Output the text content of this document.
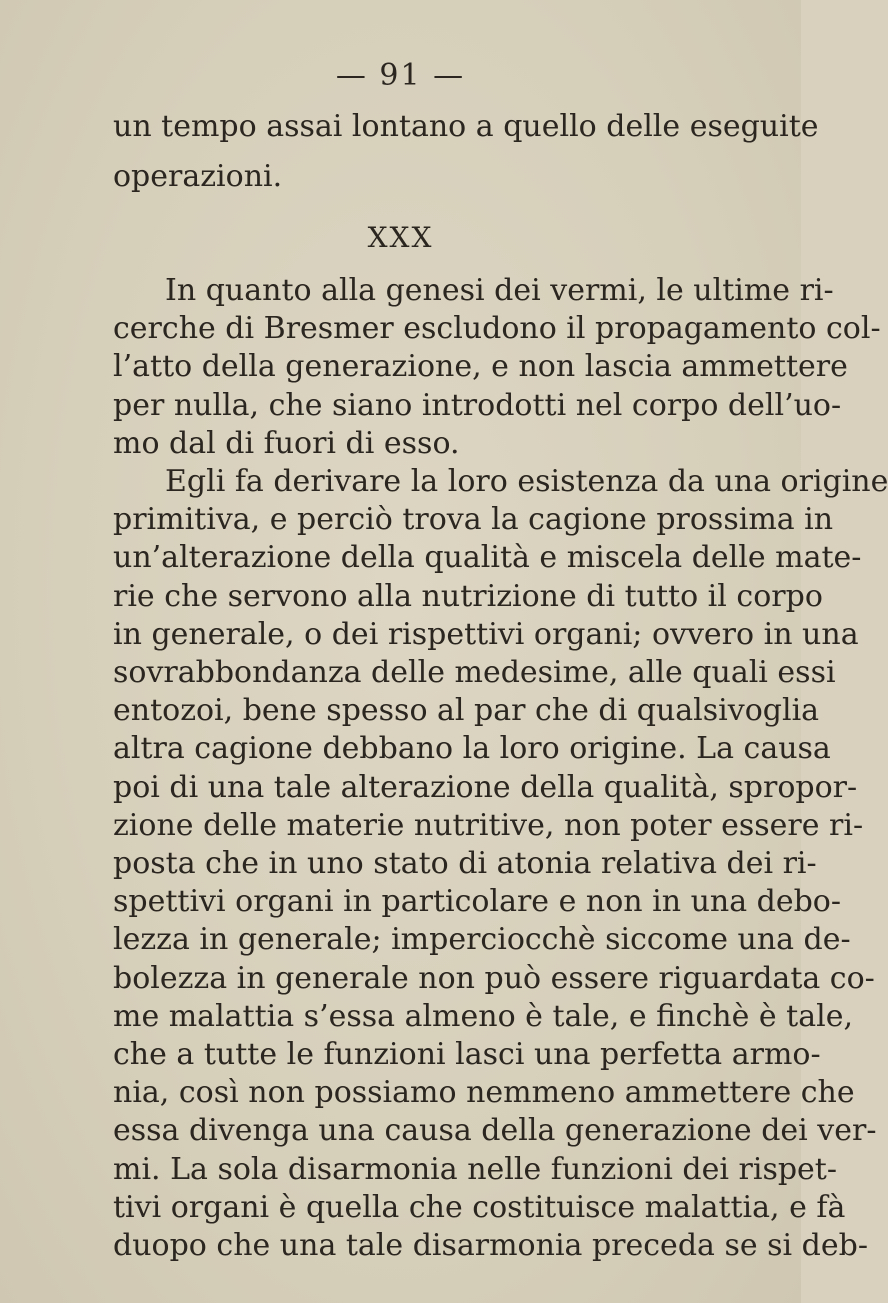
— 91 —

XXX

un tempo assai lontano a quello delle eseguite

operazioni.

In quanto alla genesi dei vermi, le ultime ri-

cerche di Bresmer escludono il propagamento col-

l’atto della generazione, e non lascia ammettere

per nulla, che siano introdotti nel corpo dell’uo-

mo dal di fuori di esso.

Egli fa derivare la loro esistenza da una origine

primitiva, e perciò trova la cagione prossima in

un’alterazione della qualità e miscela delle mate-

rie che servono alla nutrizione di tutto il corpo

in generale, o dei rispettivi organi; ovvero in una

sovrabbondanza delle medesime, alle quali essi

entozoi, bene spesso al par che di qualsivoglia

altra cagione debbano la loro origine. La causa

poi di una tale alterazione della qualità, spropor-

zione delle materie nutritive, non poter essere ri-

posta che in uno stato di atonia relativa dei ri-

spettivi organi in particolare e non in una debo-

lezza in generale; imperciocchè siccome una de-

bolezza in generale non può essere riguardata co-

me malattia s’essa almeno è tale, e finchè è tale,

che a tutte le funzioni lasci una perfetta armo-

nia, così non possiamo nemmeno ammettere che

essa divenga una causa della generazione dei ver-

mi. La sola disarmonia nelle funzioni dei rispet-

tivi organi è quella che costituisce malattia, e fà

duopo che una tale disarmonia preceda se si deb-
